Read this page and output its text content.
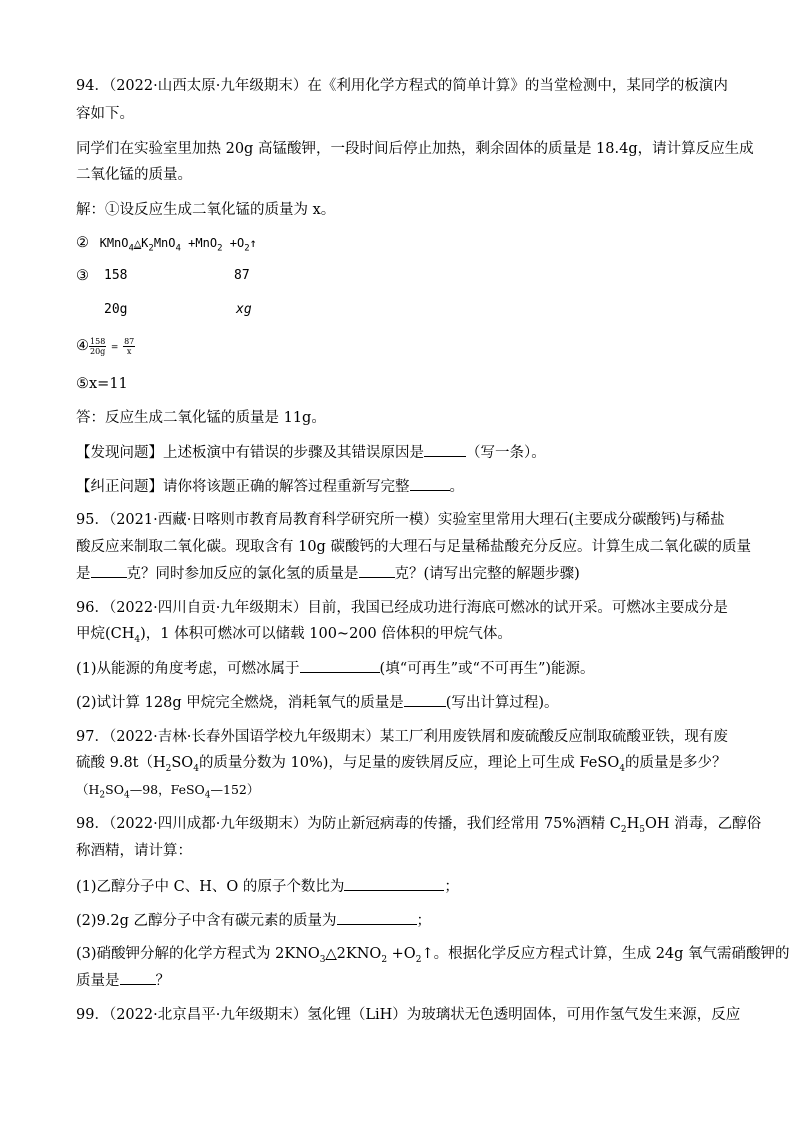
94．（2022·山西太原·九年级期末）在《利用化学方程式的简单计算》的当堂检测中，某同学的板演内
容如下。
同学们在实验室里加热 20g 高锰酸钾，一段时间后停止加热，剩余固体的质量是 18.4g，请计算反应生成
二氧化锰的质量。
解：①设反应生成二氧化锰的质量为 x。
② $KMnO_4\triangle K_2MnO_4 +MnO_2$ $+O_2↑$
③ 158	87
20g	xg
④ $\frac{158}{20g} = \frac{87}{x}$
⑤x=11
答：反应生成二氧化锰的质量是 11g。
【发现问题】上述板演中有错误的步骤及其错误原因是	（写一条）。
【纠正问题】请你将该题正确的解答过程重新写完整	。
95．（2021·西藏·日喀则市教育局教育科学研究所一模）实验室里常用大理石(主要成分碳酸钙)与稀盐
酸反应来制取二氧化碳。现取含有 10g 碳酸钙的大理石与足量稀盐酸充分反应。计算生成二氧化碳的质量
是 克？同时参加反应的氯化氢的质量是 克？(请写出完整的解题步骤)
96．（2022·四川自贡·九年级期末）目前，我国已经成功进行海底可燃冰的试开采。可燃冰主要成分是
甲烷$(CH_4)$，1 体积可燃冰可以储载 100~200 倍体积的甲烷气体。
(1)从能源的角度考虑，可燃冰属于	(填“可再生”或“不可再生”)能源。
(2)试计算 128g 甲烷完全燃烧，消耗氧气的质量是	(写出计算过程)。
97．（2022·吉林·长春外国语学校九年级期末）某工厂利用废铁屑和废硫酸反应制取硫酸亚铁，现有废
硫酸 $9.8t(H_2SO_4$的质量分数为 10%)，与足量的废铁屑反应，理论上可生成 FeSO$_4$的质量是多少？
（$H_2SO_4—98$，FeSO$_4$—152）
98．（2022·四川成都·九年级期末）为防止新冠病毒的传播，我们经常用 75%酒精 $C_2H_5OH$ 消毒，乙醇俗
称酒精，请计算：
(1)乙醇分子中 C、H、O 的原子个数比为	；
(2)9.2g 乙醇分子中含有碳元素的质量为	；
(3)硝酸钾分解的化学方程式为 $2KNO_3\triangle 2KNO_2$ $+O_2↑$。根据化学反应方程式计算，生成 24g 氧气需硝酸钾的
质量是 ？
99．（2022·北京昌平·九年级期末）氢化锂（LiH）为玻璃状无色透明固体，可用作氢气发生来源，反应
